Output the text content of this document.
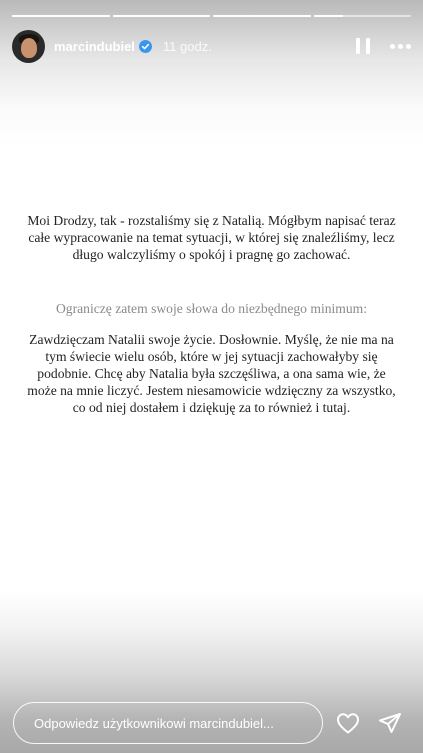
marcindubiel 11 godz.

Moi Drodzy, tak - rozstaliśmy się z Natalią. Mógłbym napisać teraz całe wypracowanie na temat sytuacji, w której się znaleźliśmy, lecz długo walczyliśmy o spokój i pragnę go zachować.

Ograniczę zatem swoje słowa do niezbędnego minimum:

Zawdzięczam Natalii swoje życie. Dosłownie. Myślę, że nie ma na tym świecie wielu osób, które w jej sytuacji zachowałyby się podobnie. Chcę aby Natalia była szczęśliwa, a ona sama wie, że może na mnie liczyć. Jestem niesamowicie wdzięczny za wszystko, co od niej dostałem i dziękuję za to również i tutaj.

Odpowiedz użytkownikowi marcindubiel...
